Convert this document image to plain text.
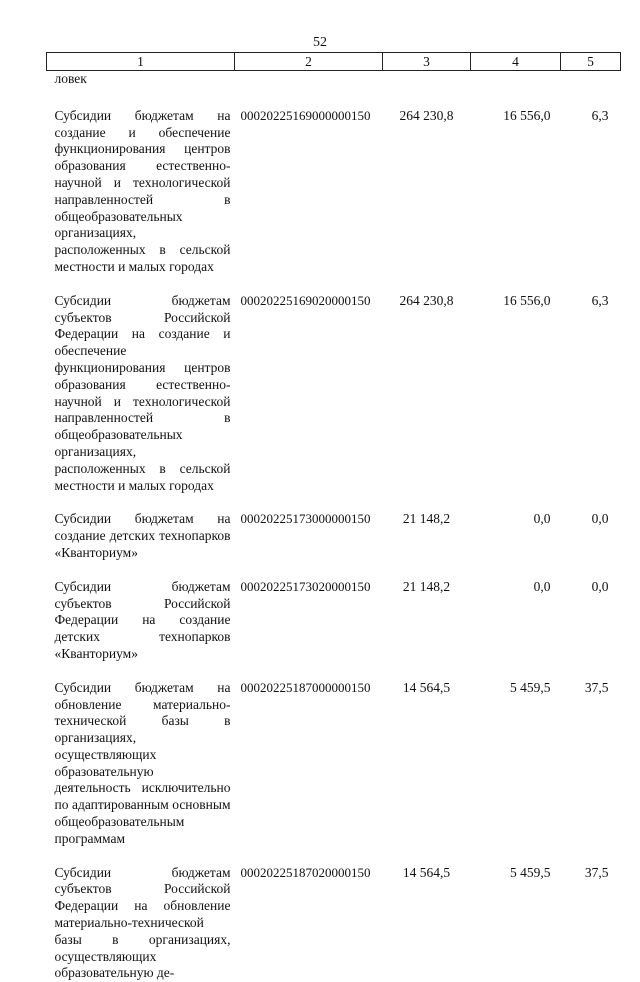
52
1	2	3	4	5
ловек				
Субсидии бюджетам на создание и обеспечение функционирования центров образования естественно-научной и технологической направленностей в общеобразовательных организациях, расположенных в сельской местности и малых городах	00020225169000000150	264 230,8	16 556,0	6,3
Субсидии бюджетам субъектов Российской Федерации на создание и обеспечение функционирования центров образования естественно-научной и технологической направленностей в общеобразовательных организациях, расположенных в сельской местности и малых городах	00020225169020000150	264 230,8	16 556,0	6,3
Субсидии бюджетам на создание детских технопарков «Кванториум»	00020225173000000150	21 148,2	0,0	0,0
Субсидии бюджетам субъектов Российской Федерации на создание детских технопарков «Кванториум»	00020225173020000150	21 148,2	0,0	0,0
Субсидии бюджетам на обновление материально-технической базы в организациях, осуществляющих образовательную деятельность исключительно по адаптированным основным общеобразовательным программам	00020225187000000150	14 564,5	5 459,5	37,5
Субсидии бюджетам субъектов Российской Федерации на обновление материально-технической базы в организациях, осуществляющих образовательную де-	00020225187020000150	14 564,5	5 459,5	37,5
